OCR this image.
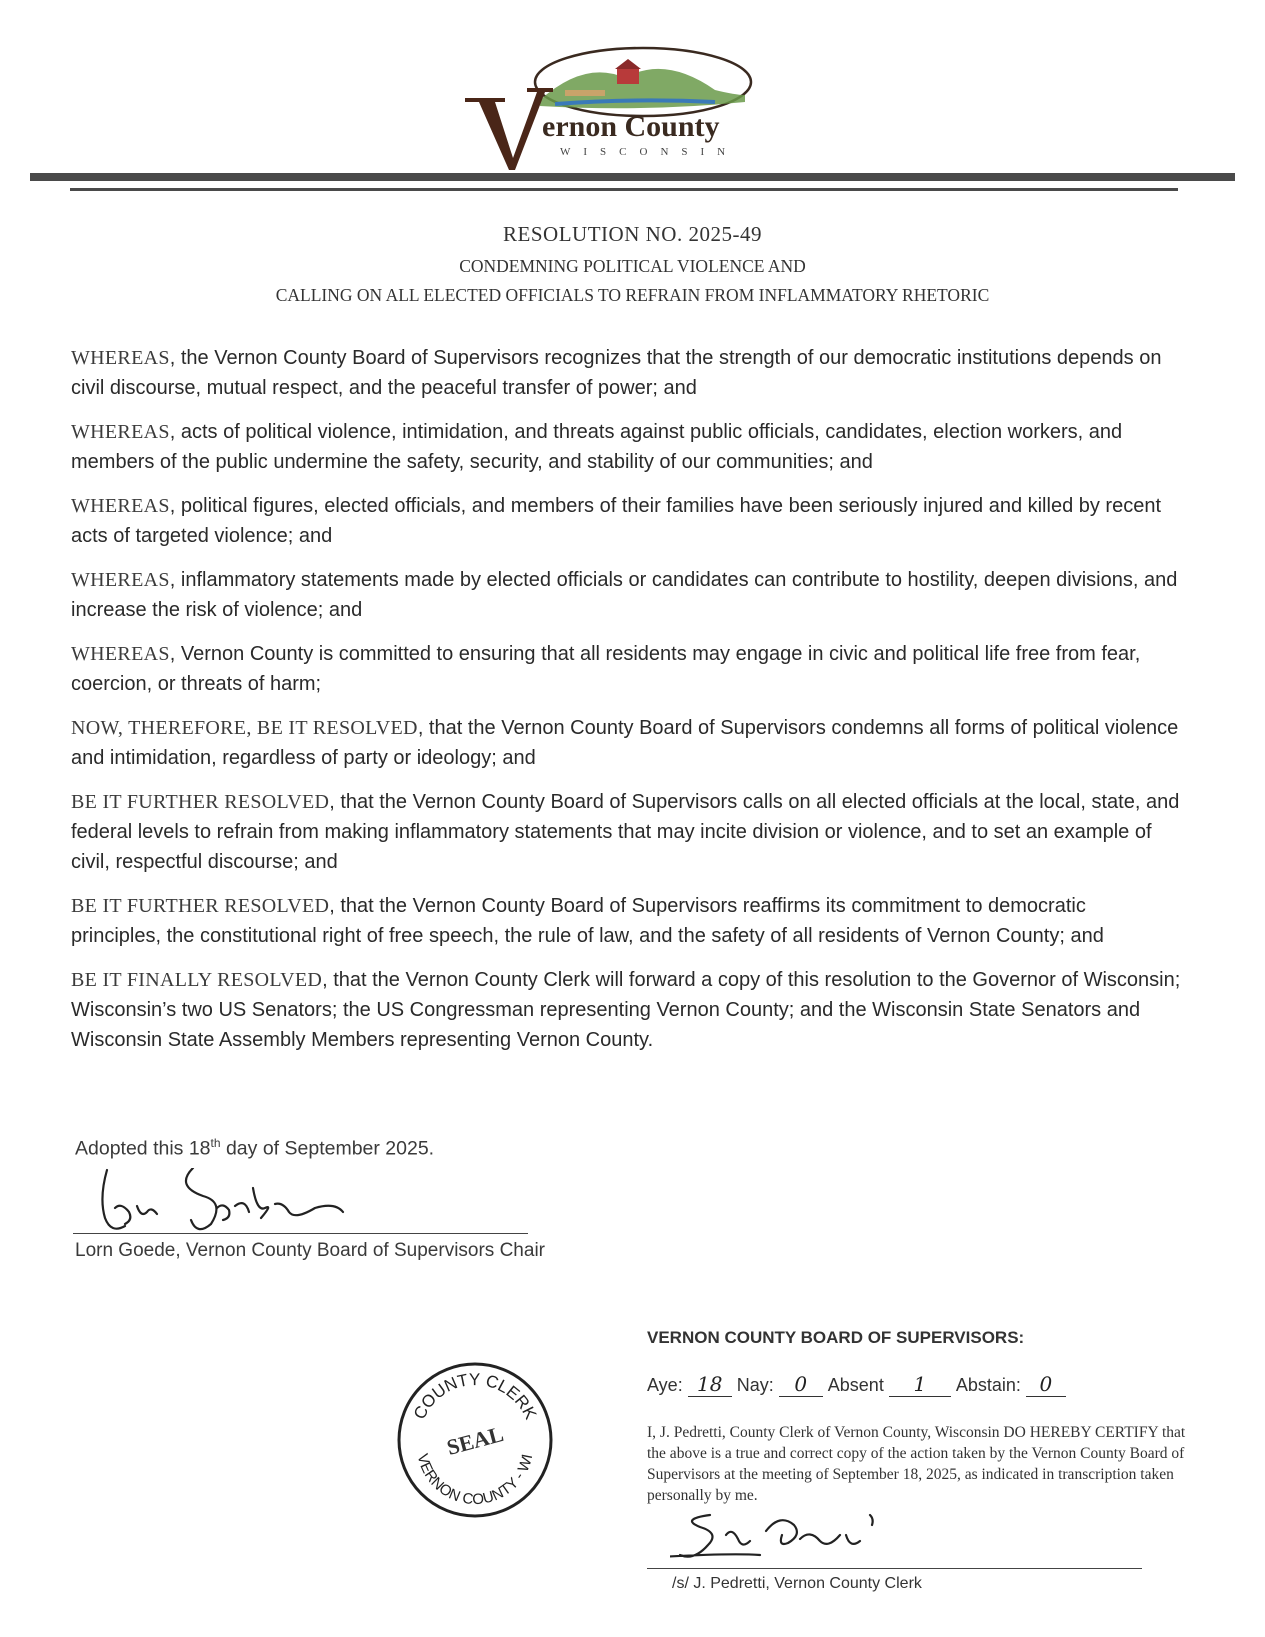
ernon County
WISCONSIN
RESOLUTION NO. 2025-49
CONDEMNING POLITICAL VIOLENCE AND
CALLING ON ALL ELECTED OFFICIALS TO REFRAIN FROM INFLAMMATORY RHETORIC

WHEREAS, the Vernon County Board of Supervisors recognizes that the strength of our democratic institutions depends on civil discourse, mutual respect, and the peaceful transfer of power; and

WHEREAS, acts of political violence, intimidation, and threats against public officials, candidates, election workers, and members of the public undermine the safety, security, and stability of our communities; and

WHEREAS, political figures, elected officials, and members of their families have been seriously injured and killed by recent acts of targeted violence; and

WHEREAS, inflammatory statements made by elected officials or candidates can contribute to hostility, deepen divisions, and increase the risk of violence; and

WHEREAS, Vernon County is committed to ensuring that all residents may engage in civic and political life free from fear, coercion, or threats of harm;

NOW, THEREFORE, BE IT RESOLVED, that the Vernon County Board of Supervisors condemns all forms of political violence and intimidation, regardless of party or ideology; and

BE IT FURTHER RESOLVED, that the Vernon County Board of Supervisors calls on all elected officials at the local, state, and federal levels to refrain from making inflammatory statements that may incite division or violence, and to set an example of civil, respectful discourse; and

BE IT FURTHER RESOLVED, that the Vernon County Board of Supervisors reaffirms its commitment to democratic principles, the constitutional right of free speech, the rule of law, and the safety of all residents of Vernon County; and

BE IT FINALLY RESOLVED, that the Vernon County Clerk will forward a copy of this resolution to the Governor of Wisconsin; Wisconsin’s two US Senators; the US Congressman representing Vernon County; and the Wisconsin State Senators and Wisconsin State Assembly Members representing Vernon County.

Adopted this 18th day of September 2025.
Lorn Goede, Vernon County Board of Supervisors Chair
COUNTY CLERK
VERNON COUNTY - WI
SEAL
VERNON COUNTY BOARD OF SUPERVISORS:
Aye: 18 Nay: 0 Absent 1 Abstain: 0
I, J. Pedretti, County Clerk of Vernon County, Wisconsin DO HEREBY CERTIFY that the above is a true and correct copy of the action taken by the Vernon County Board of Supervisors at the meeting of September 18, 2025, as indicated in transcription taken personally by me.
/s/ J. Pedretti, Vernon County Clerk
